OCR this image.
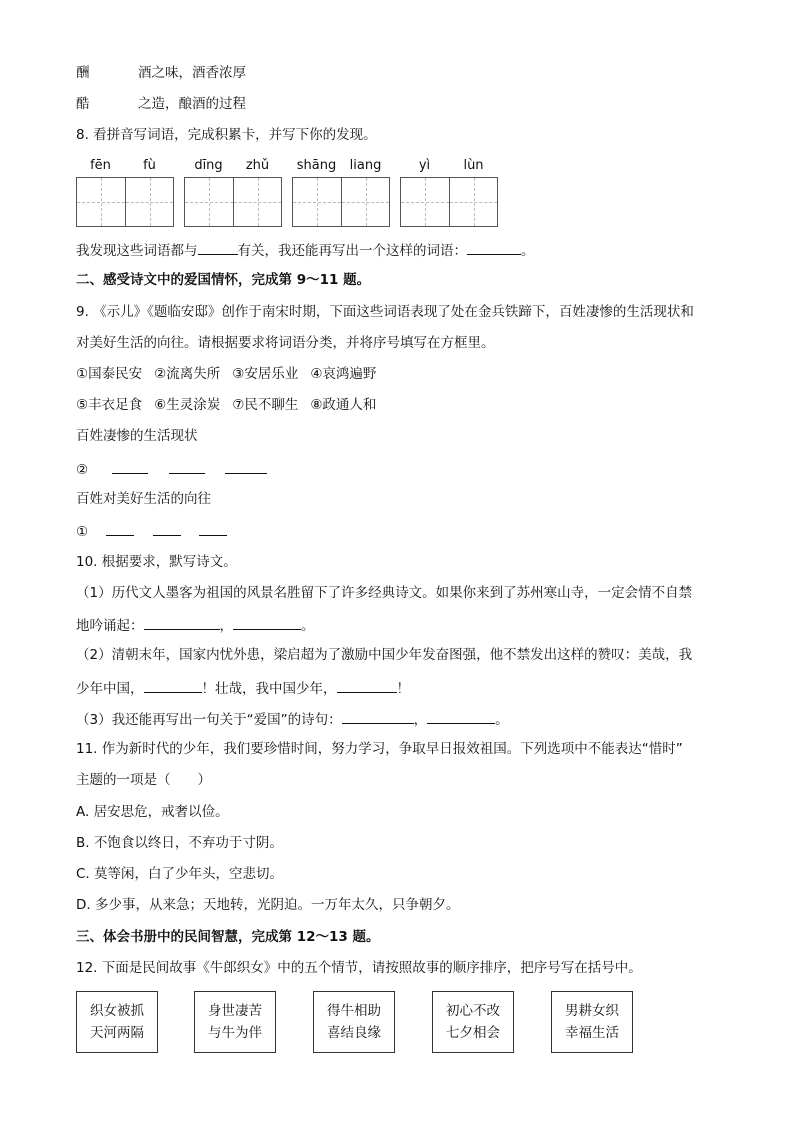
酬	酒之味，酒香浓厚
酷	之造，酿酒的过程
8. 看拼音写词语，完成积累卡，并写下你的发现。
fēn	fù	dīng	zhǔ	shāng	liang	yì	lùn
我发现这些词语都与	有关，我还能再写出一个这样的词语：	。
二、感受诗文中的爱国情怀，完成第 9～11 题。
9. 《示儿》《题临安邸》创作于南宋时期，下面这些词语表现了处在金兵铁蹄下，百姓凄惨的生活现状和
对美好生活的向往。请根据要求将词语分类，并将序号填写在方框里。
①国泰民安 ②流离失所 ③安居乐业 ④哀鸿遍野
⑤丰衣足食 ⑥生灵涂炭 ⑦民不聊生 ⑧政通人和
百姓凄惨的生活现状
②
百姓对美好生活的向往
①
10. 根据要求，默写诗文。
（1）历代文人墨客为祖国的风景名胜留下了许多经典诗文。如果你来到了苏州寒山寺，一定会情不自禁
地吟诵起：	，	。
（2）清朝末年，国家内忧外患，梁启超为了激励中国少年发奋图强，他不禁发出这样的赞叹：美哉，我
少年中国，	！壮哉，我中国少年，	！
（3）我还能再写出一句关于“爱国”的诗句：	，	。
11. 作为新时代的少年，我们要珍惜时间，努力学习，争取早日报效祖国。下列选项中不能表达“惜时”
主题的一项是（　　）
A. 居安思危，戒奢以俭。
B. 不饱食以终日，不弃功于寸阴。
C. 莫等闲，白了少年头，空悲切。
D. 多少事，从来急；天地转，光阴迫。一万年太久，只争朝夕。
三、体会书册中的民间智慧，完成第 12～13 题。
12. 下面是民间故事《牛郎织女》中的五个情节，请按照故事的顺序排序，把序号写在括号中。
织女被抓
天河两隔
身世凄苦
与牛为伴
得牛相助
喜结良缘
初心不改
七夕相会
男耕女织
幸福生活
